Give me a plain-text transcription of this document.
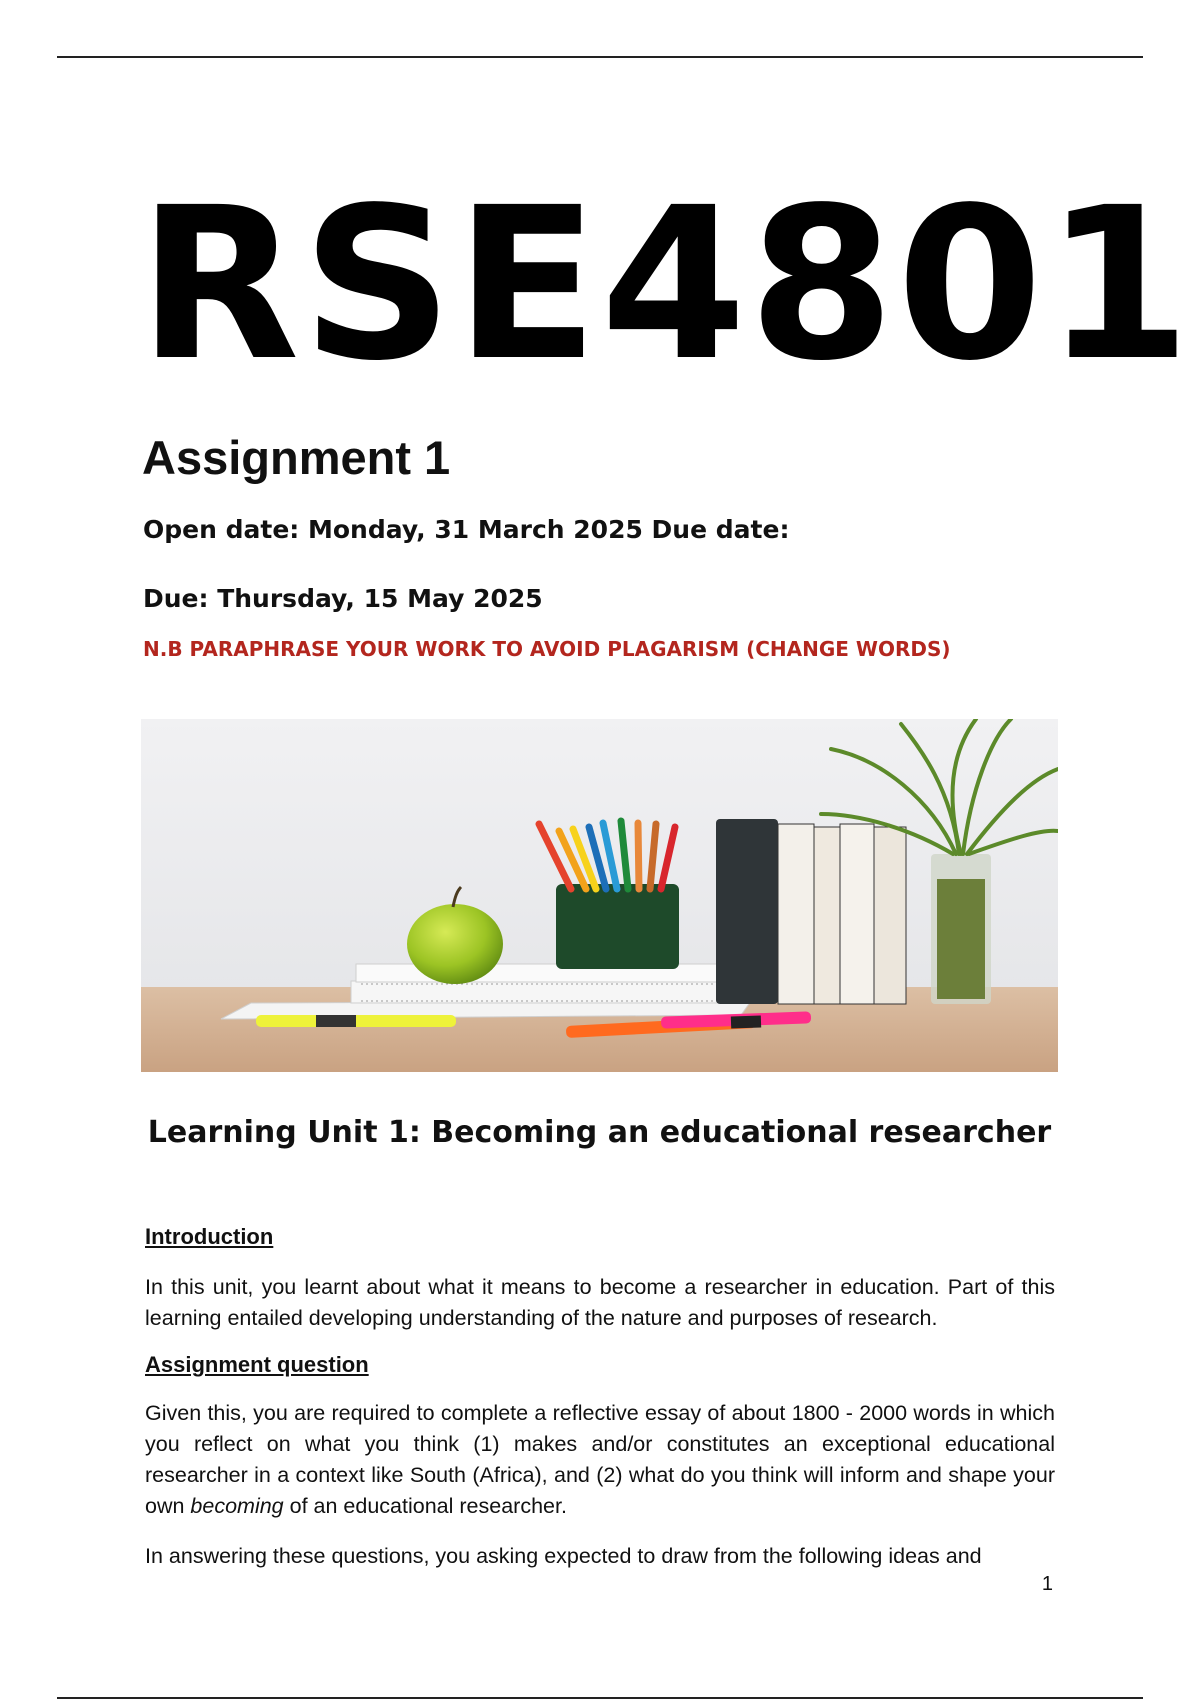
RSE4801
Assignment 1

Open date: Monday, 31 March 2025 Due date:

Due: Thursday, 15 May 2025

N.B PARAPHRASE YOUR WORK TO AVOID PLAGARISM (CHANGE WORDS)

Learning Unit 1: Becoming an educational researcher
Introduction

In this unit, you learnt about what it means to become a researcher in education. Part of this learning entailed developing understanding of the nature and purposes of research.

Assignment question

Given this, you are required to complete a reflective essay of about 1800 - 2000 words in which you reflect on what you think (1) makes and/or constitutes an exceptional educational researcher in a context like South (Africa), and (2) what do you think will inform and shape your own becoming of an educational researcher.

In answering these questions, you asking expected to draw from the following ideas and

1
